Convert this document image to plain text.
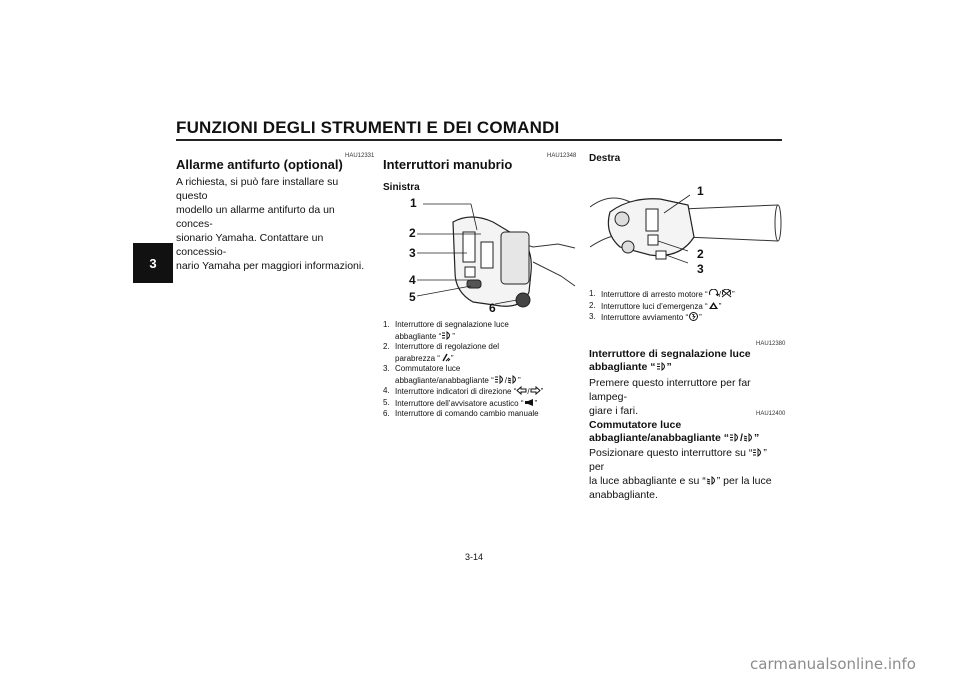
FUNZIONI DEGLI STRUMENTI E DEI COMANDI
3
HAU12331
Allarme antifurto (optional)
A richiesta, si può fare installare su questo
modello un allarme antifurto da un conces-
sionario Yamaha. Contattare un concessio-
nario Yamaha per maggiori informazioni.
HAU12348
Interruttori manubrio
Sinistra
1
2
3
4
5
6
1. Interruttore di segnalazione luce
abbagliante “ ”
2. Interruttore di regolazione del
parabrezza “ ”
3. Commutatore luce
abbagliante/anabbagliante “ / ”
4. Interruttore indicatori di direzione “ / ”
5. Interruttore dell’avvisatore acustico “ ”
6. Interruttore di comando cambio manuale
Destra
1
2
3
1. Interruttore di arresto motore “ / ”
2. Interruttore luci d’emergenza “ ”
3. Interruttore avviamento “ ”
HAU12380
Interruttore di segnalazione luce
abbagliante “ ”
Premere questo interruttore per far lampeg-
giare i fari.	HAU12400
Commutatore luce
abbagliante/anabbagliante “ / ”
Posizionare questo interruttore su “ ” per
la luce abbagliante e su “ ” per la luce
anabbagliante.
3-14
carmanualsonline.info
